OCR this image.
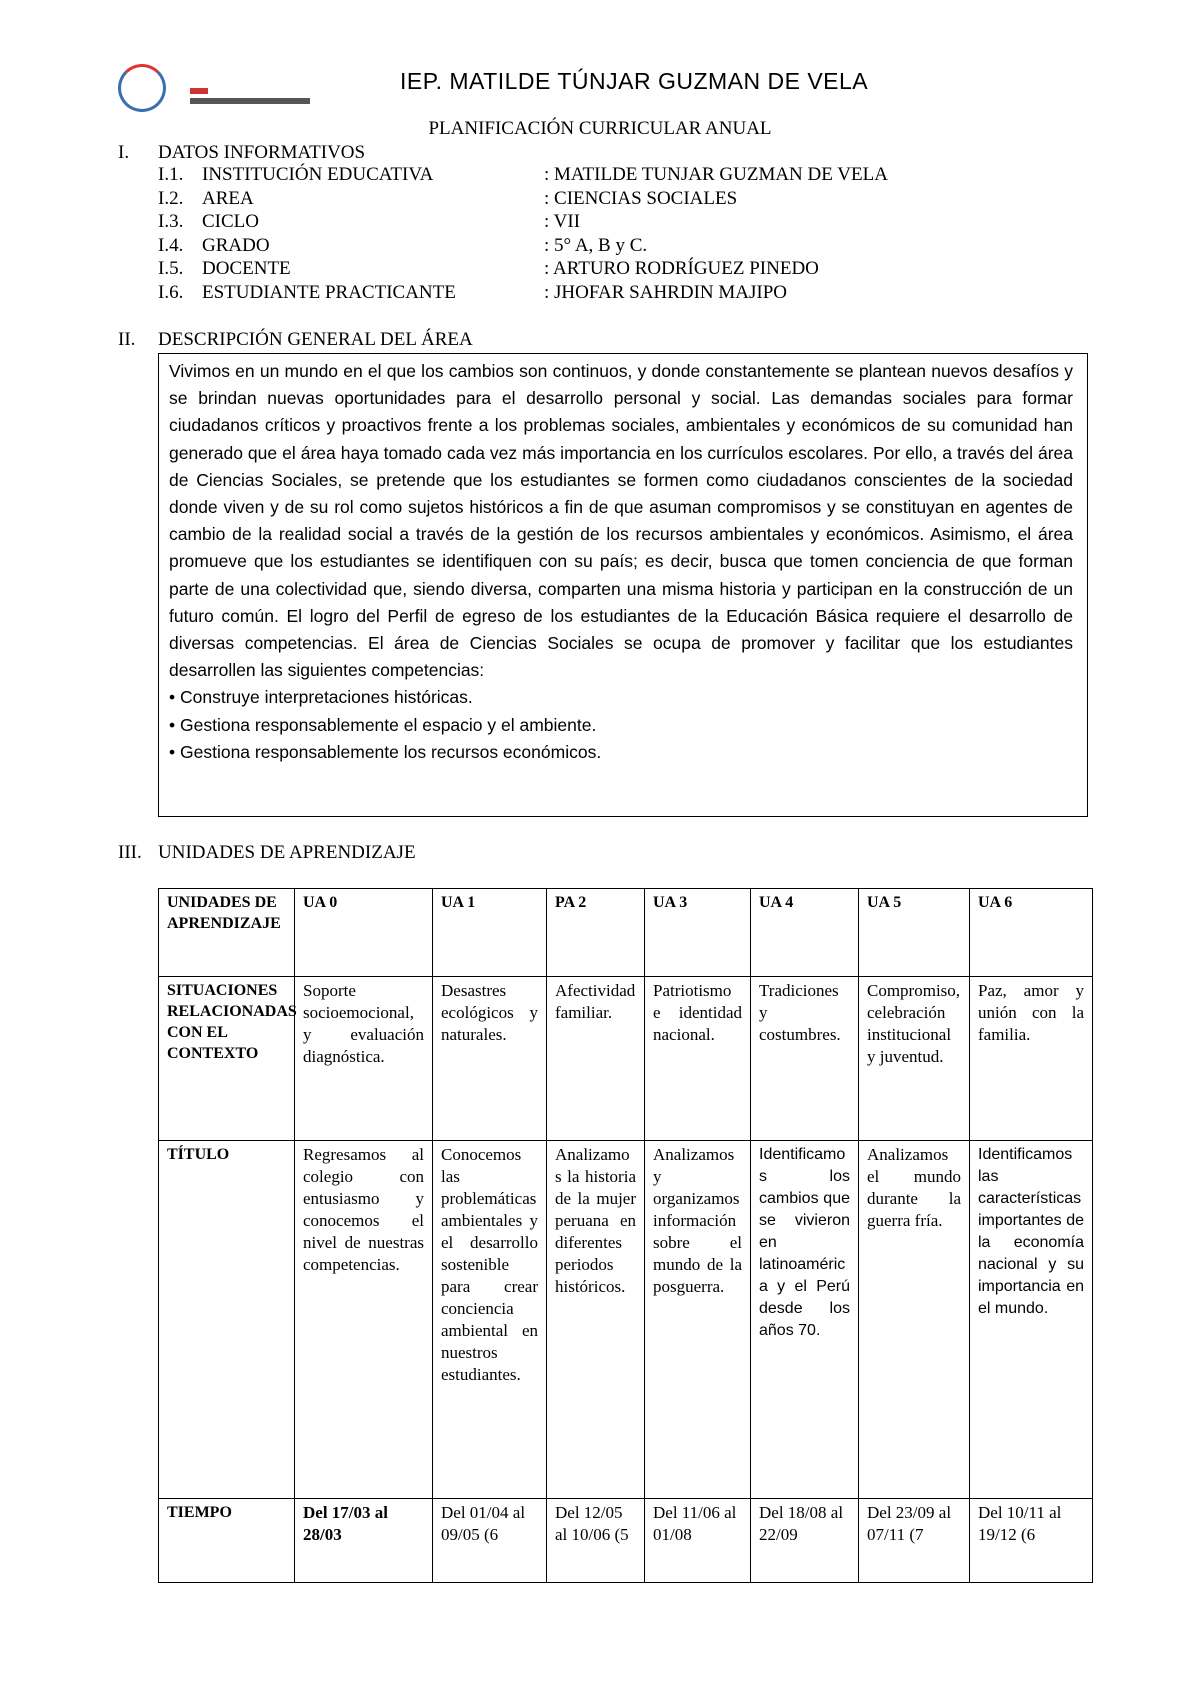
IEP. MATILDE TÚNJAR GUZMAN DE VELA
PLANIFICACIÓN CURRICULAR ANUAL
I. DATOS INFORMATIVOS
I.1. INSTITUCIÓN EDUCATIVA	: MATILDE TUNJAR GUZMAN DE VELA
I.2. AREA	: CIENCIAS SOCIALES
I.3. CICLO	: VII
I.4. GRADO	: 5° A, B y C.
I.5. DOCENTE	: ARTURO RODRÍGUEZ PINEDO
I.6. ESTUDIANTE PRACTICANTE	: JHOFAR SAHRDIN MAJIPO
II. DESCRIPCIÓN GENERAL DEL ÁREA
Vivimos en un mundo en el que los cambios son continuos, y donde constantemente se plantean nuevos desafíos y se brindan nuevas oportunidades para el desarrollo personal y social. Las demandas sociales para formar ciudadanos críticos y proactivos frente a los problemas sociales, ambientales y económicos de su comunidad han generado que el área haya tomado cada vez más importancia en los currículos escolares. Por ello, a través del área de Ciencias Sociales, se pretende que los estudiantes se formen como ciudadanos conscientes de la sociedad donde viven y de su rol como sujetos históricos a fin de que asuman compromisos y se constituyan en agentes de cambio de la realidad social a través de la gestión de los recursos ambientales y económicos. Asimismo, el área promueve que los estudiantes se identifiquen con su país; es decir, busca que tomen conciencia de que forman parte de una colectividad que, siendo diversa, comparten una misma historia y participan en la construcción de un futuro común. El logro del Perfil de egreso de los estudiantes de la Educación Básica requiere el desarrollo de diversas competencias. El área de Ciencias Sociales se ocupa de promover y facilitar que los estudiantes desarrollen las siguientes competencias:
• Construye interpretaciones históricas.
• Gestiona responsablemente el espacio y el ambiente.
• Gestiona responsablemente los recursos económicos.
III. UNIDADES DE APRENDIZAJE
UNIDADES DE APRENDIZAJE	UA 0	UA 1	PA 2	UA 3	UA 4	UA 5	UA 6
SITUACIONES RELACIONADAS CON EL CONTEXTO	Soporte socioemocional, y evaluación diagnóstica.	Desastres ecológicos y naturales.	Afectividad familiar.	Patriotismo e identidad nacional.	Tradiciones y costumbres.	Compromiso, celebración institucional y juventud.	Paz, amor y unión con la familia.
TÍTULO	Regresamos al colegio con entusiasmo y conocemos el nivel de nuestras competencias.	Conocemos las problemáticas ambientales y el desarrollo sostenible para crear conciencia ambiental en nuestros estudiantes.	Analizamos la historia de la mujer peruana en diferentes periodos históricos.	Analizamos y organizamos información sobre el mundo de la posguerra.	Identificamos los cambios que se vivieron en latinoamérica y el Perú desde los años 70.	Analizamos el mundo durante la guerra fría.	Identificamos las características importantes de la economía nacional y su importancia en el mundo.
TIEMPO	Del 17/03 al 28/03	Del 01/04 al 09/05 (6	Del 12/05 al 10/06 (5	Del 11/06 al 01/08	Del 18/08 al 22/09	Del 23/09 al 07/11 (7	Del 10/11 al 19/12 (6
